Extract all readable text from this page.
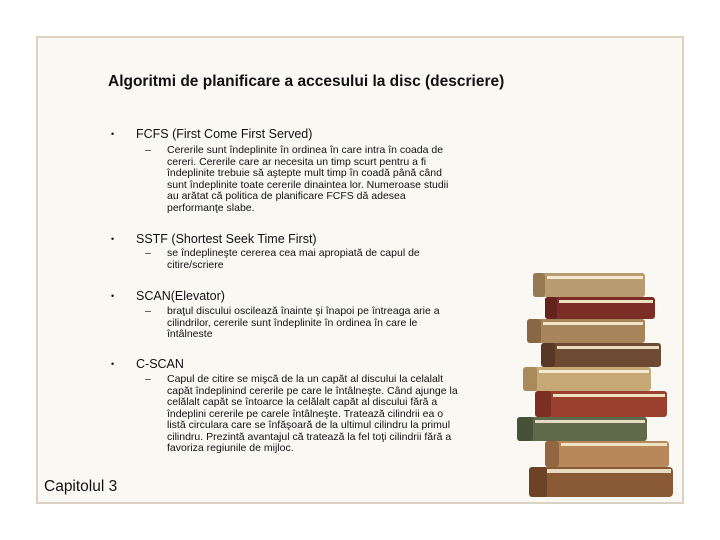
Algoritmi de planificare a accesului la disc (descriere)
• FCFS (First Come First Served)
– Cererile sunt îndeplinite în ordinea în care intra în coada de
cereri. Cererile care ar necesita un timp scurt pentru a fi
îndeplinite trebuie să aştepte mult timp în coadă până când
sunt îndeplinite toate cererile dinaintea lor. Numeroase studii
au arătat că politica de planificare FCFS dă adesea
performanţe slabe.
• SSTF (Shortest Seek Time First)
– se îndeplineşte cererea cea mai apropiată de capul de
citire/scriere
• SCAN(Elevator)
– braţul discului oscilează înainte şi înapoi pe întreaga arie a
cilindrilor, cererile sunt îndeplinite în ordinea în care le
întâlneste
• C-SCAN
– Capul de citire se mişcă de la un capăt al discului la celalalt
capăt îndeplinind cererile pe care le întâlneşte. Când ajunge la
celălalt capăt se întoarce la celălalt capăt al discului fără a
îndeplini cererile pe carele întâlneşte. Tratează cilindrii ea o
listă circulara care se înfăşoară de la ultimul cilindru la primul
cilindru. Prezintă avantajul că tratează la fel toţi cilindrii fără a
favoriza regiunile de mijloc.
Capitolul 3
